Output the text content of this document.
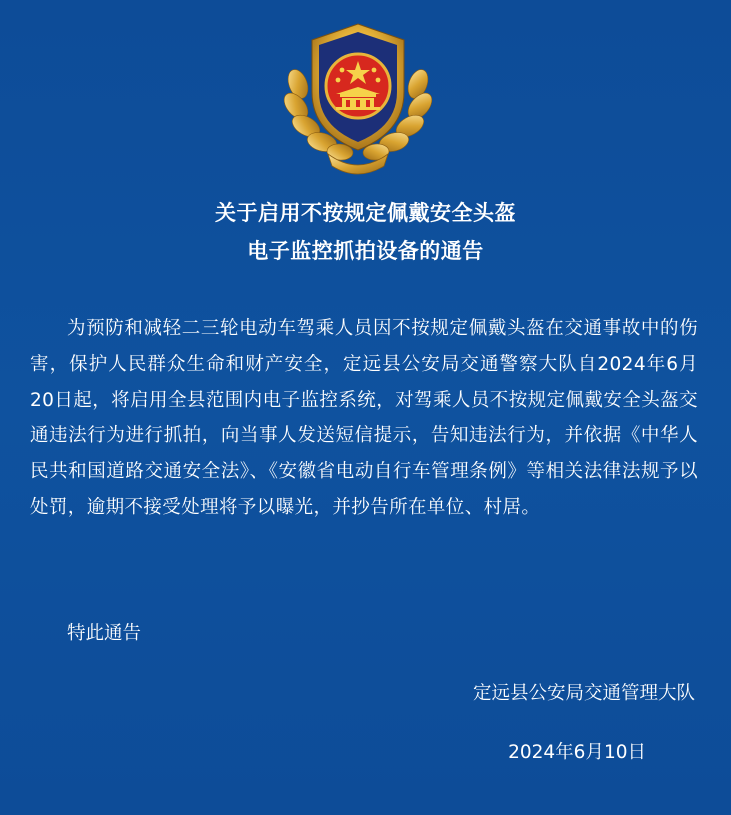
关于启用不按规定佩戴安全头盔
电子监控抓拍设备的通告

为预防和减轻二三轮电动车驾乘人员因不按规定佩戴头盔在交通事故中的伤害，保护人民群众生命和财产安全，定远县公安局交通警察大队自2024年6月20日起，将启用全县范围内电子监控系统，对驾乘人员不按规定佩戴安全头盔交通违法行为进行抓拍，向当事人发送短信提示，告知违法行为，并依据《中华人民共和国道路交通安全法》、《安徽省电动自行车管理条例》等相关法律法规予以处罚，逾期不接受处理将予以曝光，并抄告所在单位、村居。

特此通告

定远县公安局交通管理大队

2024年6月10日
